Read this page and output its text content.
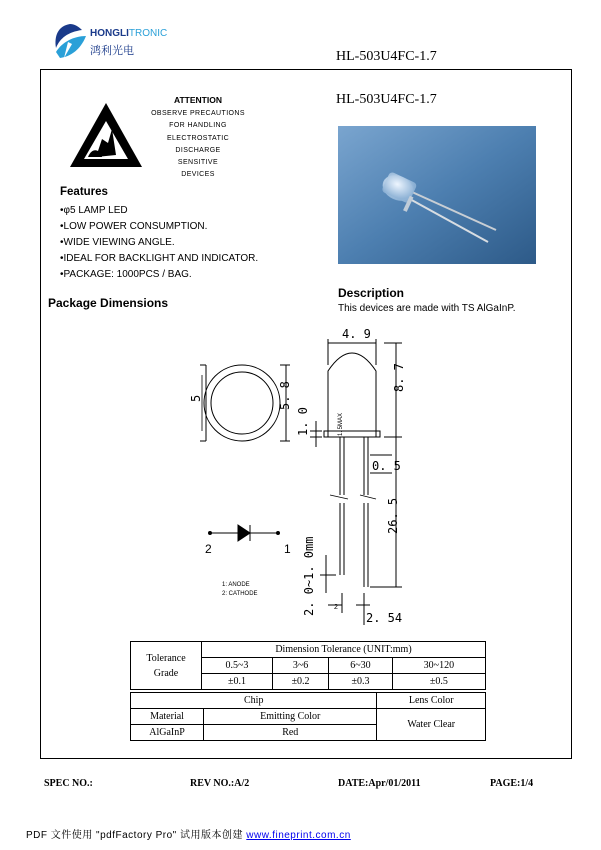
HONGLITRONIC
鸿利光电	HL-503U4FC-1.7
ATTENTION
OBSERVE PRECAUTIONS
FOR HANDLING
ELECTROSTATIC
DISCHARGE
SENSITIVE
DEVICES
HL-503U4FC-1.7
Features
•φ5 LAMP LED
•LOW POWER CONSUMPTION.
•WIDE VIEWING ANGLE.
•IDEAL FOR BACKLIGHT AND INDICATOR.
•PACKAGE: 1000PCS / BAG.
Package Dimensions
Description
This devices are made with TS AlGaInP.
4. 9
8. 7
5	5. 8
1. 0	1. 5MAX
0. 5
26. 5
2. 0~1. 0mm	2
2. 54
2	1
1: ANODE
2: CATHODE
Tolerance
Grade	Dimension Tolerance (UNIT:mm)			
	0.5~3	3~6	6~30	30~120
	±0.1	±0.2	±0.3	±0.5
Chip		Lens Color
Material	Emitting Color	Water Clear
AlGaInP	Red	
SPEC NO.:	REV NO.:A/2	DATE:Apr/01/2011	PAGE:1/4
PDF 文件使用 "pdfFactory Pro" 试用版本创建 www.fineprint.com.cn
